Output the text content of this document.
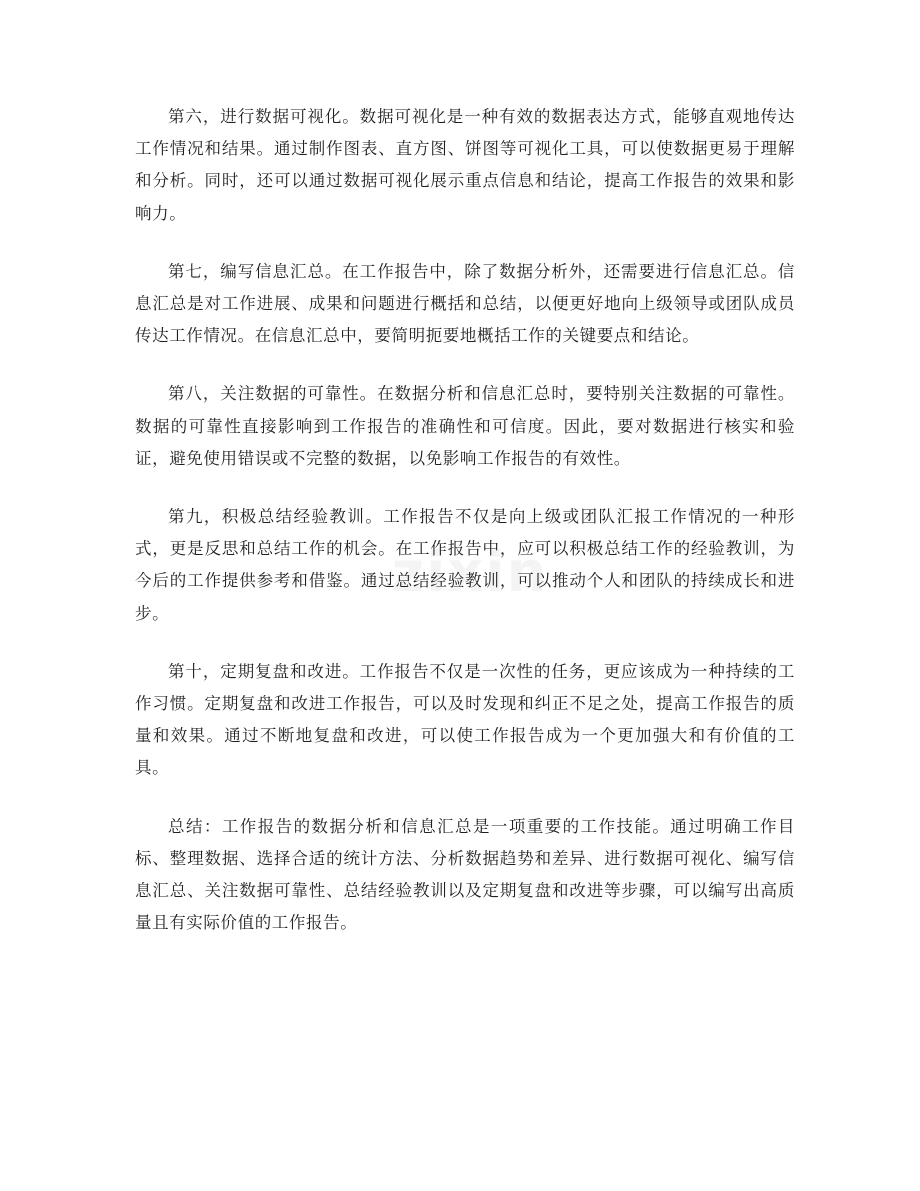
第六，进行数据可视化。数据可视化是一种有效的数据表达方式，能够直观地传达工作情况和结果。通过制作图表、直方图、饼图等可视化工具，可以使数据更易于理解和分析。同时，还可以通过数据可视化展示重点信息和结论，提高工作报告的效果和影响力。

第七，编写信息汇总。在工作报告中，除了数据分析外，还需要进行信息汇总。信息汇总是对工作进展、成果和问题进行概括和总结，以便更好地向上级领导或团队成员传达工作情况。在信息汇总中，要简明扼要地概括工作的关键要点和结论。

第八，关注数据的可靠性。在数据分析和信息汇总时，要特别关注数据的可靠性。数据的可靠性直接影响到工作报告的准确性和可信度。因此，要对数据进行核实和验证，避免使用错误或不完整的数据，以免影响工作报告的有效性。

第九，积极总结经验教训。工作报告不仅是向上级或团队汇报工作情况的一种形式，更是反思和总结工作的机会。在工作报告中，应可以积极总结工作的经验教训，为今后的工作提供参考和借鉴。通过总结经验教训，可以推动个人和团队的持续成长和进步。

第十，定期复盘和改进。工作报告不仅是一次性的任务，更应该成为一种持续的工作习惯。定期复盘和改进工作报告，可以及时发现和纠正不足之处，提高工作报告的质量和效果。通过不断地复盘和改进，可以使工作报告成为一个更加强大和有价值的工具。

总结：工作报告的数据分析和信息汇总是一项重要的工作技能。通过明确工作目标、整理数据、选择合适的统计方法、分析数据趋势和差异、进行数据可视化、编写信息汇总、关注数据可靠性、总结经验教训以及定期复盘和改进等步骤，可以编写出高质量且有实际价值的工作报告。
